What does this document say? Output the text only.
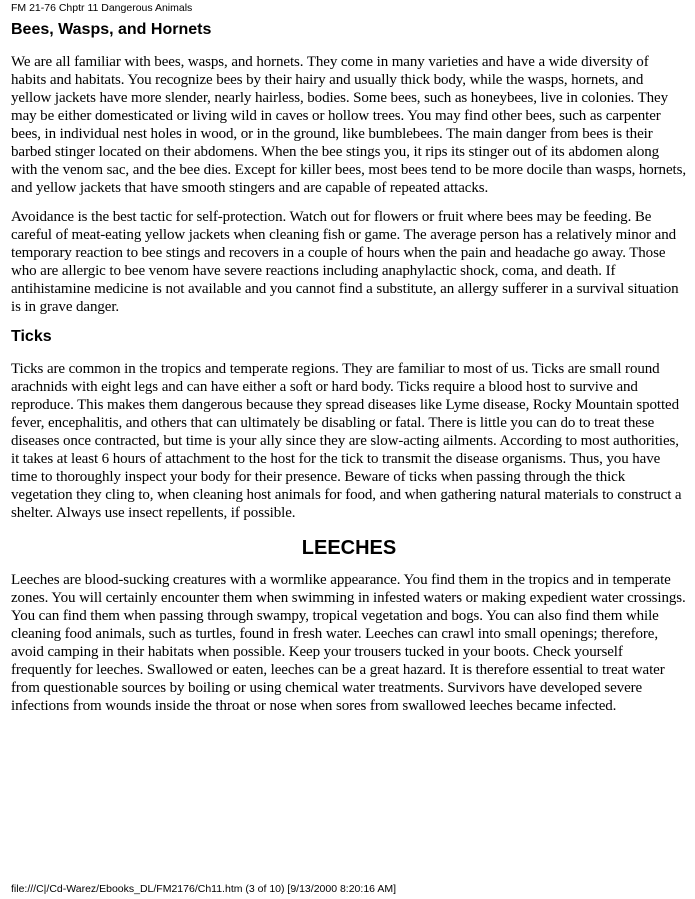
FM 21-76 Chptr 11 Dangerous Animals
Bees, Wasps, and Hornets

We are all familiar with bees, wasps, and hornets. They come in many varieties and have a wide diversity of habits and habitats. You recognize bees by their hairy and usually thick body, while the wasps, hornets, and yellow jackets have more slender, nearly hairless, bodies. Some bees, such as honeybees, live in colonies. They may be either domesticated or living wild in caves or hollow trees. You may find other bees, such as carpenter bees, in individual nest holes in wood, or in the ground, like bumblebees. The main danger from bees is their barbed stinger located on their abdomens. When the bee stings you, it rips its stinger out of its abdomen along with the venom sac, and the bee dies. Except for killer bees, most bees tend to be more docile than wasps, hornets, and yellow jackets that have smooth stingers and are capable of repeated attacks.

Avoidance is the best tactic for self-protection. Watch out for flowers or fruit where bees may be feeding. Be careful of meat-eating yellow jackets when cleaning fish or game. The average person has a relatively minor and temporary reaction to bee stings and recovers in a couple of hours when the pain and headache go away. Those who are allergic to bee venom have severe reactions including anaphylactic shock, coma, and death. If antihistamine medicine is not available and you cannot find a substitute, an allergy sufferer in a survival situation is in grave danger.

Ticks

Ticks are common in the tropics and temperate regions. They are familiar to most of us. Ticks are small round arachnids with eight legs and can have either a soft or hard body. Ticks require a blood host to survive and reproduce. This makes them dangerous because they spread diseases like Lyme disease, Rocky Mountain spotted fever, encephalitis, and others that can ultimately be disabling or fatal. There is little you can do to treat these diseases once contracted, but time is your ally since they are slow-acting ailments. According to most authorities, it takes at least 6 hours of attachment to the host for the tick to transmit the disease organisms. Thus, you have time to thoroughly inspect your body for their presence. Beware of ticks when passing through the thick vegetation they cling to, when cleaning host animals for food, and when gathering natural materials to construct a shelter. Always use insect repellents, if possible.

LEECHES

Leeches are blood-sucking creatures with a wormlike appearance. You find them in the tropics and in temperate zones. You will certainly encounter them when swimming in infested waters or making expedient water crossings. You can find them when passing through swampy, tropical vegetation and bogs. You can also find them while cleaning food animals, such as turtles, found in fresh water. Leeches can crawl into small openings; therefore, avoid camping in their habitats when possible. Keep your trousers tucked in your boots. Check yourself frequently for leeches. Swallowed or eaten, leeches can be a great hazard. It is therefore essential to treat water from questionable sources by boiling or using chemical water treatments. Survivors have developed severe infections from wounds inside the throat or nose when sores from swallowed leeches became infected.

file:///C|/Cd-Warez/Ebooks_DL/FM2176/Ch11.htm (3 of 10) [9/13/2000 8:20:16 AM]
